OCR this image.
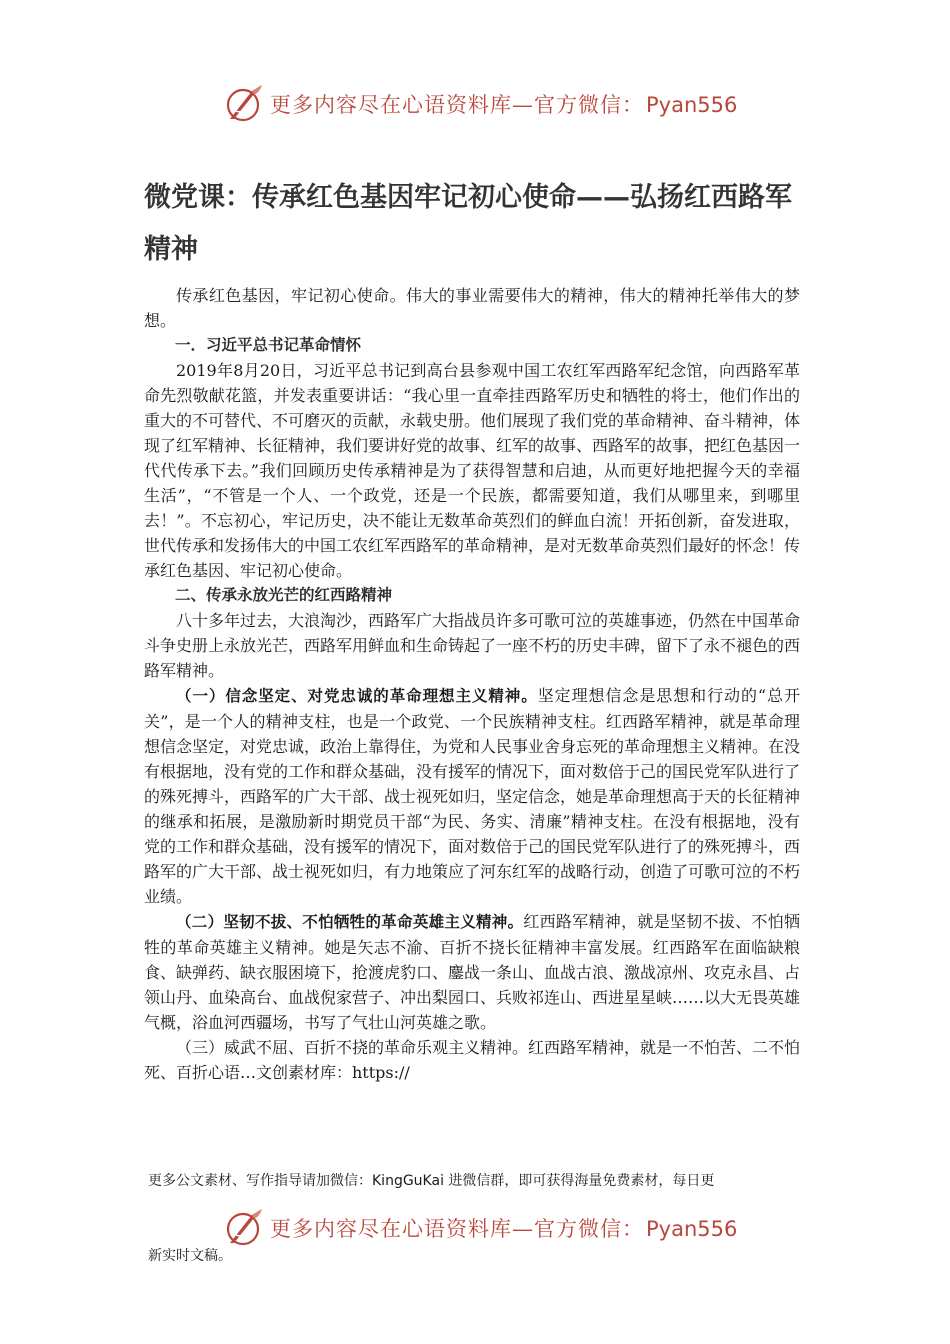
更多内容尽在心语资料库—官方微信：Pyan556
微党课：传承红色基因牢记初心使命——弘扬红西路军精神

传承红色基因，牢记初心使命。伟大的事业需要伟大的精神，伟大的精神托举伟大的梦想。

一．习近平总书记革命情怀

2019年8月20日，习近平总书记到高台县参观中国工农红军西路军纪念馆，向西路军革命先烈敬献花篮，并发表重要讲话：“我心里一直牵挂西路军历史和牺牲的将士，他们作出的重大的不可替代、不可磨灭的贡献，永载史册。他们展现了我们党的革命精神、奋斗精神，体现了红军精神、长征精神，我们要讲好党的故事、红军的故事、西路军的故事，把红色基因一代代传承下去。”我们回顾历史传承精神是为了获得智慧和启迪，从而更好地把握今天的幸福生活”，“不管是一个人、一个政党，还是一个民族，都需要知道，我们从哪里来，到哪里去！”。不忘初心，牢记历史，决不能让无数革命英烈们的鲜血白流！开拓创新，奋发进取，世代传承和发扬伟大的中国工农红军西路军的革命精神，是对无数革命英烈们最好的怀念！传承红色基因、牢记初心使命。

二、传承永放光芒的红西路精神

八十多年过去，大浪淘沙，西路军广大指战员许多可歌可泣的英雄事迹，仍然在中国革命斗争史册上永放光芒，西路军用鲜血和生命铸起了一座不朽的历史丰碑，留下了永不褪色的西路军精神。

（一）信念坚定、对党忠诚的革命理想主义精神。坚定理想信念是思想和行动的“总开关”，是一个人的精神支柱，也是一个政党、一个民族精神支柱。红西路军精神，就是革命理想信念坚定，对党忠诚，政治上靠得住，为党和人民事业舍身忘死的革命理想主义精神。在没有根据地，没有党的工作和群众基础，没有援军的情况下，面对数倍于己的国民党军队进行了的殊死搏斗，西路军的广大干部、战士视死如归，坚定信念，她是革命理想高于天的长征精神的继承和拓展，是激励新时期党员干部“为民、务实、清廉”精神支柱。在没有根据地，没有党的工作和群众基础，没有援军的情况下，面对数倍于己的国民党军队进行了的殊死搏斗，西路军的广大干部、战士视死如归，有力地策应了河东红军的战略行动，创造了可歌可泣的不朽业绩。

（二）坚韧不拔、不怕牺牲的革命英雄主义精神。红西路军精神，就是坚韧不拔、不怕牺牲的革命英雄主义精神。她是矢志不渝、百折不挠长征精神丰富发展。红西路军在面临缺粮食、缺弹药、缺衣服困境下，抢渡虎豹口、鏖战一条山、血战古浪、激战凉州、攻克永昌、占领山丹、血染高台、血战倪家营子、冲出梨园口、兵败祁连山、西进星星峡……以大无畏英雄气概，浴血河西疆场，书写了气壮山河英雄之歌。

（三）威武不屈、百折不挠的革命乐观主义精神。红西路军精神，就是一不怕苦、二不怕死、百折心语…文创素材库：https://

更多公文素材、写作指导请加微信：KingGuKai 进微信群，即可获得海量免费素材，每日更
更多内容尽在心语资料库—官方微信：Pyan556
新实时文稿。
